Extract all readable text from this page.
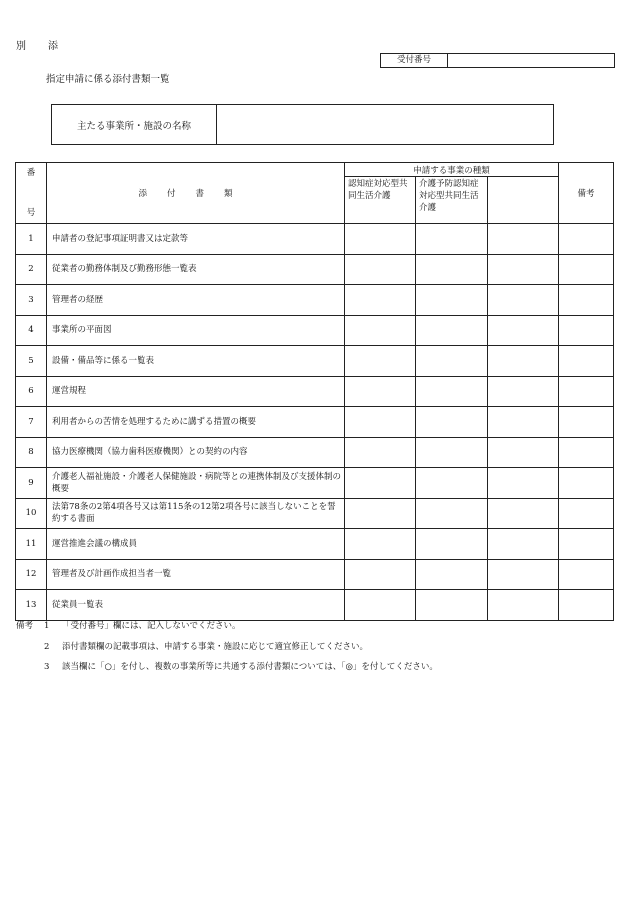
別　添
受付番号
指定申請に係る添付書類一覧
主たる事業所・施設の名称
番

号	添付書類	申請する事業の種類			備考
		認知症対応型共同生活介護	介護予防認知症対応型共同生活介護		
1	申請者の登記事項証明書又は定款等				
2	従業者の勤務体制及び勤務形態一覧表				
3	管理者の経歴				
4	事業所の平面図				
5	設備・備品等に係る一覧表				
6	運営規程				
7	利用者からの苦情を処理するために講ずる措置の概要				
8	協力医療機関（協力歯科医療機関）との契約の内容				
9	介護老人福祉施設・介護老人保健施設・病院等との連携体制及び支援体制の概要				
10	法第78条の2第4項各号又は第115条の12第2項各号に該当しないことを誓約する書面				
11	運営推進会議の構成員				
12	管理者及び計画作成担当者一覧				
13	従業員一覧表				
備考	1	「受付番号」欄には、記入しないでください。
2	添付書類欄の記載事項は、申請する事業・施設に応じて適宜修正してください。
3	該当欄に「○」を付し、複数の事業所等に共通する添付書類については、「◎」を付してください。
